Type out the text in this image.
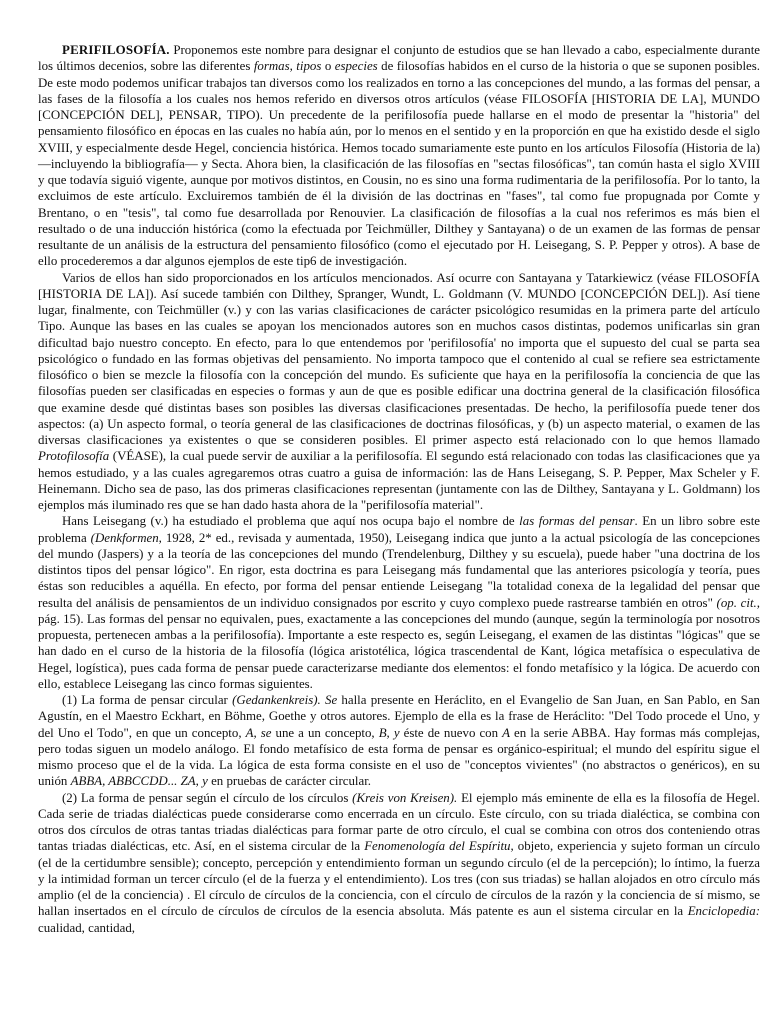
PERIFILOSOFÍA. Proponemos este nombre para designar el conjunto de estudios que se han llevado a cabo, especialmente durante los últimos decenios, sobre las diferentes formas, tipos o especies de filosofías habidos en el curso de la historia o que se suponen posibles. De este modo podemos unificar trabajos tan diversos como los realizados en torno a las concepciones del mundo, a las formas del pensar, a las fases de la filosofía a los cuales nos hemos referido en diversos otros artículos (véase FILOSOFÍA [HISTORIA DE LA], MUNDO [CONCEPCIÓN DEL], PENSAR, TIPO). Un precedente de la perifilosofía puede hallarse en el modo de presentar la "historia" del pensamiento filosófico en épocas en las cuales no había aún, por lo menos en el sentido y en la proporción en que ha existido desde el siglo XVIII, y especialmente desde Hegel, conciencia histórica. Hemos tocado sumariamente este punto en los artículos Filosofía (Historia de la) —incluyendo la bibliografía— y Secta. Ahora bien, la clasificación de las filosofías en "sectas filosóficas", tan común hasta el siglo XVIII y que todavía siguió vigente, aunque por motivos distintos, en Cousin, no es sino una forma rudimentaria de la perifilosofía. Por lo tanto, la excluimos de este artículo. Excluiremos también de él la división de las doctrinas en "fases", tal como fue propugnada por Comte y Brentano, o en "tesis", tal como fue desarrollada por Renouvier. La clasificación de filosofías a la cual nos referimos es más bien el resultado o de una inducción histórica (como la efectuada por Teichmüller, Dilthey y Santayana) o de un examen de las formas de pensar resultante de un análisis de la estructura del pensamiento filosófico (como el ejecutado por H. Leisegang, S. P. Pepper y otros). A base de ello procederemos a dar algunos ejemplos de este tip6 de investigación.

Varios de ellos han sido proporcionados en los artículos mencionados. Así ocurre con Santayana y Tatarkiewicz (véase FILOSOFÍA [HISTORIA DE LA]). Así sucede también con Dilthey, Spranger, Wundt, L. Goldmann (V. MUNDO [CONCEPCIÓN DEL]). Así tiene lugar, finalmente, con Teichmüller (v.) y con las varias clasificaciones de carácter psicológico resumidas en la primera parte del artículo Tipo. Aunque las bases en las cuales se apoyan los mencionados autores son en muchos casos distintas, podemos unificarlas sin gran dificultad bajo nuestro concepto. En efecto, para lo que entendemos por 'perifilosofía' no importa que el supuesto del cual se parta sea psicológico o fundado en las formas objetivas del pensamiento. No importa tampoco que el contenido al cual se refiere sea estrictamente filosófico o bien se mezcle la filosofía con la concepción del mundo. Es suficiente que haya en la perifilosofía la conciencia de que las filosofías pueden ser clasificadas en especies o formas y aun de que es posible edificar una doctrina general de la clasificación filosófica que examine desde qué distintas bases son posibles las diversas clasificaciones presentadas. De hecho, la perifilosofía puede tener dos aspectos: (a) Un aspecto formal, o teoría general de las clasificaciones de doctrinas filosóficas, y (b) un aspecto material, o examen de las diversas clasificaciones ya existentes o que se consideren posibles. El primer aspecto está relacionado con lo que hemos llamado Protofilosofía (VÉASE), la cual puede servir de auxiliar a la perifilosofía. El segundo está relacionado con todas las clasificaciones que ya hemos estudiado, y a las cuales agregaremos otras cuatro a guisa de información: las de Hans Leisegang, S. P. Pepper, Max Scheler y F. Heinemann. Dicho sea de paso, las dos primeras clasificaciones representan (juntamente con las de Dilthey, Santayana y L. Goldmann) los ejemplos más iluminado res que se han dado hasta ahora de la "perifilosofía material".

Hans Leisegang (v.) ha estudiado el problema que aquí nos ocupa bajo el nombre de las formas del pensar. En un libro sobre este problema (Denkformen, 1928, 2* ed., revisada y aumentada, 1950), Leisegang indica que junto a la actual psicología de las concepciones del mundo (Jaspers) y a la teoría de las concepciones del mundo (Trendelenburg, Dilthey y su escuela), puede haber "una doctrina de los distintos tipos del pensar lógico". En rigor, esta doctrina es para Leisegang más fundamental que las anteriores psicología y teoría, pues éstas son reducibles a aquélla. En efecto, por forma del pensar entiende Leisegang "la totalidad conexa de la legalidad del pensar que resulta del análisis de pensamientos de un individuo consignados por escrito y cuyo complexo puede rastrearse también en otros" (op. cit., pág. 15). Las formas del pensar no equivalen, pues, exactamente a las concepciones del mundo (aunque, según la terminología por nosotros propuesta, pertenecen ambas a la perifilosofía). Importante a este respecto es, según Leisegang, el examen de las distintas "lógicas" que se han dado en el curso de la historia de la filosofía (lógica aristotélica, lógica trascendental de Kant, lógica metafísica o especulativa de Hegel, logística), pues cada forma de pensar puede caracterizarse mediante dos elementos: el fondo metafísico y la lógica. De acuerdo con ello, establece Leisegang las cinco formas siguientes.

(1) La forma de pensar circular (Gedankenkreis). Se halla presente en Heráclito, en el Evangelio de San Juan, en San Pablo, en San Agustín, en el Maestro Eckhart, en Böhme, Goethe y otros autores. Ejemplo de ella es la frase de Heráclito: "Del Todo procede el Uno, y del Uno el Todo", en que un concepto, A, se une a un concepto, B, y éste de nuevo con A en la serie ABBA. Hay formas más complejas, pero todas siguen un modelo análogo. El fondo metafísico de esta forma de pensar es orgánico-espiritual; el mundo del espíritu sigue el mismo proceso que el de la vida. La lógica de esta forma consiste en el uso de "conceptos vivientes" (no abstractos o genéricos), en su unión ABBA, ABBCCDD... ZA, y en pruebas de carácter circular.

(2) La forma de pensar según el círculo de los círculos (Kreis von Kreisen). El ejemplo más eminente de ella es la filosofía de Hegel. Cada serie de triadas dialécticas puede considerarse como encerrada en un círculo. Este círculo, con su triada dialéctica, se combina con otros dos círculos de otras tantas triadas dialécticas para formar parte de otro círculo, el cual se combina con otros dos conteniendo otras tantas triadas dialécticas, etc. Así, en el sistema circular de la Fenomenología del Espíritu, objeto, experiencia y sujeto forman un círculo (el de la certidumbre sensible); concepto, percepción y entendimiento forman un segundo círculo (el de la percepción); lo íntimo, la fuerza y la intimidad forman un tercer círculo (el de la fuerza y el entendimiento). Los tres (con sus triadas) se hallan alojados en otro círculo más amplio (el de la conciencia) . El círculo de círculos de la conciencia, con el círculo de círculos de la razón y la conciencia de sí mismo, se hallan insertados en el círculo de círculos de círculos de la esencia absoluta. Más patente es aun el sistema circular en la Enciclopedia: cualidad, cantidad,
